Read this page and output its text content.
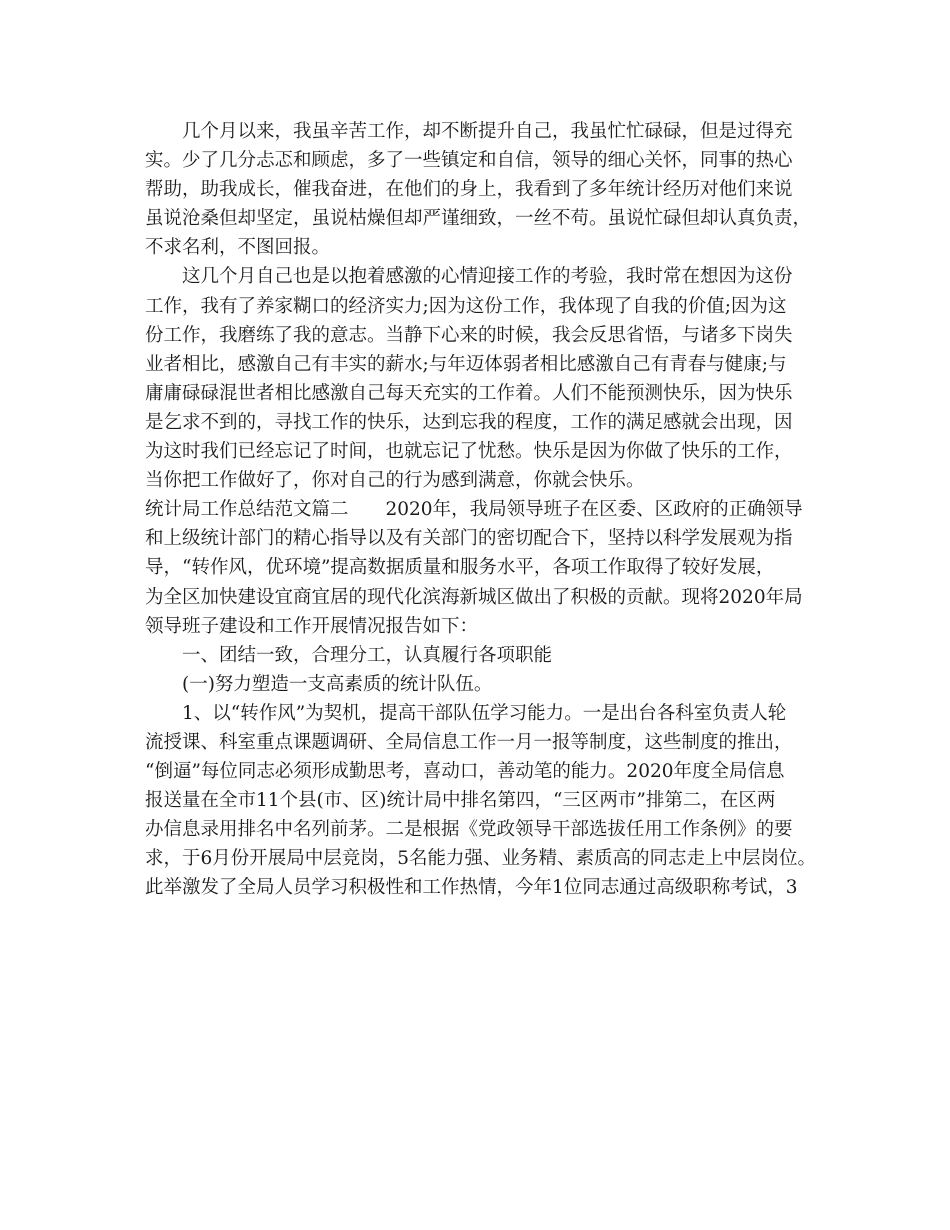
几个月以来，我虽辛苦工作，却不断提升自己，我虽忙忙碌碌，但是过得充

实。少了几分忐忑和顾虑，多了一些镇定和自信，领导的细心关怀，同事的热心

帮助，助我成长，催我奋进，在他们的身上，我看到了多年统计经历对他们来说

虽说沧桑但却坚定，虽说枯燥但却严谨细致，一丝不苟。虽说忙碌但却认真负责，

不求名利，不图回报。

这几个月自己也是以抱着感激的心情迎接工作的考验，我时常在想因为这份

工作，我有了养家糊口的经济实力;因为这份工作，我体现了自我的价值;因为这

份工作，我磨练了我的意志。当静下心来的时候，我会反思省悟，与诸多下岗失

业者相比，感激自己有丰实的薪水;与年迈体弱者相比感激自己有青春与健康;与

庸庸碌碌混世者相比感激自己每天充实的工作着。人们不能预测快乐，因为快乐

是乞求不到的，寻找工作的快乐，达到忘我的程度，工作的满足感就会出现，因

为这时我们已经忘记了时间，也就忘记了忧愁。快乐是因为你做了快乐的工作，

当你把工作做好了，你对自己的行为感到满意，你就会快乐。

统计局工作总结范文篇二　　2020年，我局领导班子在区委、区政府的正确领导

和上级统计部门的精心指导以及有关部门的密切配合下，坚持以科学发展观为指

导，“转作风，优环境”提高数据质量和服务水平，各项工作取得了较好发展，

为全区加快建设宜商宜居的现代化滨海新城区做出了积极的贡献。现将2020年局

领导班子建设和工作开展情况报告如下：

一、团结一致，合理分工，认真履行各项职能

(一)努力塑造一支高素质的统计队伍。

1、以“转作风”为契机，提高干部队伍学习能力。一是出台各科室负责人轮

流授课、科室重点课题调研、全局信息工作一月一报等制度，这些制度的推出，

“倒逼”每位同志必须形成勤思考，喜动口，善动笔的能力。2020年度全局信息

报送量在全市11个县(市、区)统计局中排名第四，“三区两市”排第二，在区两

办信息录用排名中名列前茅。二是根据《党政领导干部选拔任用工作条例》的要

求，于6月份开展局中层竞岗，5名能力强、业务精、素质高的同志走上中层岗位。

此举激发了全局人员学习积极性和工作热情，今年1位同志通过高级职称考试，3
